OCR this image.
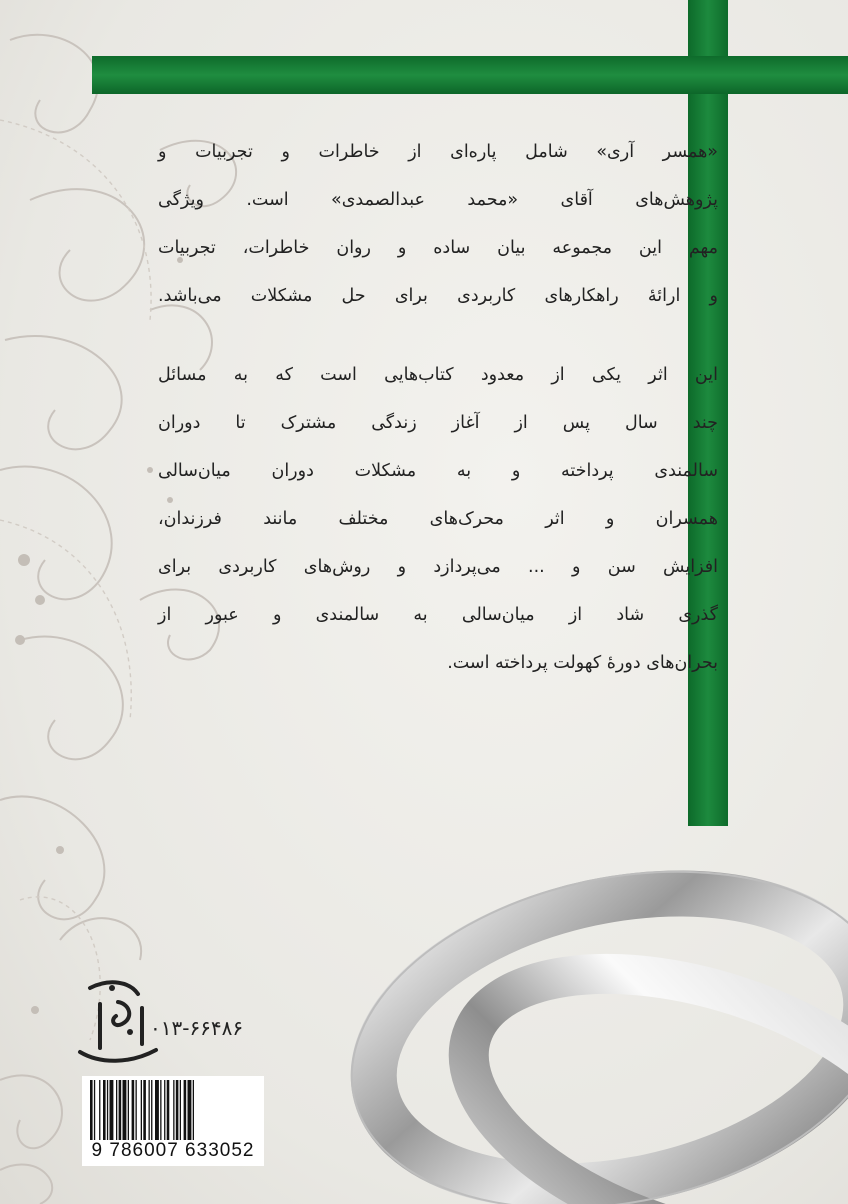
«همسر آری» شامل پاره‌ای از خاطرات و تجربیات و
پژوهش‌های آقای «محمد عبدالصمدی» است. ویژگی
مهم این مجموعه بیان ساده و روان خاطرات، تجربیات
و ارائهٔ راهکارهای کاربردی برای حل مشکلات می‌باشد.
این اثر یکی از معدود کتاب‌هایی است که به مسائل
چند سال پس از آغاز زندگی مشترک تا دوران
سالمندی پرداخته و به مشکلات دوران میان‌سالی
همسران و اثر محرک‌های مختلف مانند فرزندان،
افزایش سن و ... می‌پردازد و روش‌های کاربردی برای
گذری شاد از میان‌سالی به سالمندی و عبور از
بحران‌های دورهٔ کهولت پرداخته است.
۰۱۳-۶۶۴۸۶
9 786007 633052
